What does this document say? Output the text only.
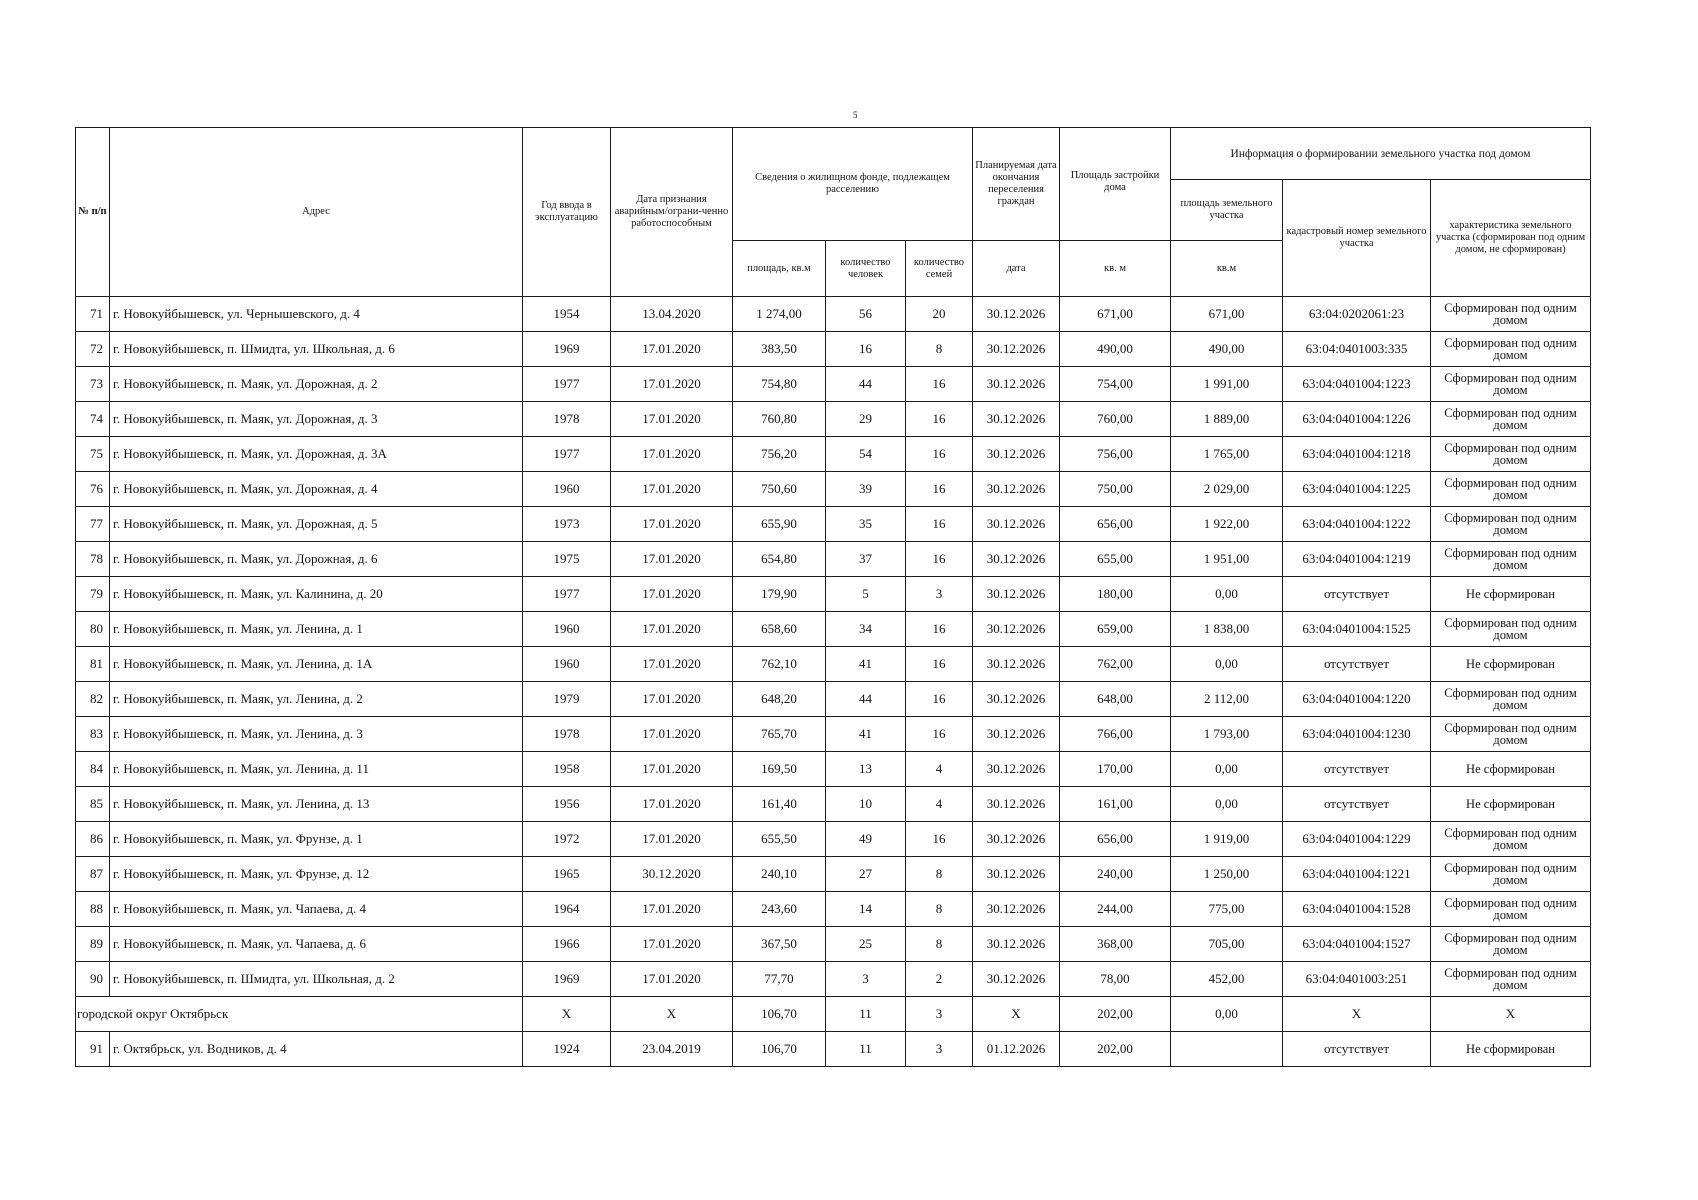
5
№ п/п	Адрес	Год ввода в эксплуатацию	Дата признания аварийным/ограни-ченно работоспособным	Сведения о жилищном фонде, подлежащем расселению			Планируемая дата окончания переселения граждан	Площадь застройки дома	Информация о формировании земельного участка под домом		
									площадь земельного участка	кадастровый номер земельного участка	характеристика земельного участка (сформирован под одним домом, не сформирован)
				площадь, кв.м	количество человек	количество семей	дата	кв. м	кв.м		
71	г. Новокуйбышевск, ул. Чернышевского, д. 4	1954	13.04.2020	1 274,00	56	20	30.12.2026	671,00	671,00	63:04:0202061:23	Сформирован под одним домом
72	г. Новокуйбышевск, п. Шмидта, ул. Школьная, д. 6	1969	17.01.2020	383,50	16	8	30.12.2026	490,00	490,00	63:04:0401003:335	Сформирован под одним домом
73	г. Новокуйбышевск, п. Маяк, ул. Дорожная, д. 2	1977	17.01.2020	754,80	44	16	30.12.2026	754,00	1 991,00	63:04:0401004:1223	Сформирован под одним домом
74	г. Новокуйбышевск, п. Маяк, ул. Дорожная, д. 3	1978	17.01.2020	760,80	29	16	30.12.2026	760,00	1 889,00	63:04:0401004:1226	Сформирован под одним домом
75	г. Новокуйбышевск, п. Маяк, ул. Дорожная, д. 3А	1977	17.01.2020	756,20	54	16	30.12.2026	756,00	1 765,00	63:04:0401004:1218	Сформирован под одним домом
76	г. Новокуйбышевск, п. Маяк, ул. Дорожная, д. 4	1960	17.01.2020	750,60	39	16	30.12.2026	750,00	2 029,00	63:04:0401004:1225	Сформирован под одним домом
77	г. Новокуйбышевск, п. Маяк, ул. Дорожная, д. 5	1973	17.01.2020	655,90	35	16	30.12.2026	656,00	1 922,00	63:04:0401004:1222	Сформирован под одним домом
78	г. Новокуйбышевск, п. Маяк, ул. Дорожная, д. 6	1975	17.01.2020	654,80	37	16	30.12.2026	655,00	1 951,00	63:04:0401004:1219	Сформирован под одним домом
79	г. Новокуйбышевск, п. Маяк, ул. Калинина, д. 20	1977	17.01.2020	179,90	5	3	30.12.2026	180,00	0,00	отсутствует	Не сформирован
80	г. Новокуйбышевск, п. Маяк, ул. Ленина, д. 1	1960	17.01.2020	658,60	34	16	30.12.2026	659,00	1 838,00	63:04:0401004:1525	Сформирован под одним домом
81	г. Новокуйбышевск, п. Маяк, ул. Ленина, д. 1А	1960	17.01.2020	762,10	41	16	30.12.2026	762,00	0,00	отсутствует	Не сформирован
82	г. Новокуйбышевск, п. Маяк, ул. Ленина, д. 2	1979	17.01.2020	648,20	44	16	30.12.2026	648,00	2 112,00	63:04:0401004:1220	Сформирован под одним домом
83	г. Новокуйбышевск, п. Маяк, ул. Ленина, д. 3	1978	17.01.2020	765,70	41	16	30.12.2026	766,00	1 793,00	63:04:0401004:1230	Сформирован под одним домом
84	г. Новокуйбышевск, п. Маяк, ул. Ленина, д. 11	1958	17.01.2020	169,50	13	4	30.12.2026	170,00	0,00	отсутствует	Не сформирован
85	г. Новокуйбышевск, п. Маяк, ул. Ленина, д. 13	1956	17.01.2020	161,40	10	4	30.12.2026	161,00	0,00	отсутствует	Не сформирован
86	г. Новокуйбышевск, п. Маяк, ул. Фрунзе, д. 1	1972	17.01.2020	655,50	49	16	30.12.2026	656,00	1 919,00	63:04:0401004:1229	Сформирован под одним домом
87	г. Новокуйбышевск, п. Маяк, ул. Фрунзе, д. 12	1965	30.12.2020	240,10	27	8	30.12.2026	240,00	1 250,00	63:04:0401004:1221	Сформирован под одним домом
88	г. Новокуйбышевск, п. Маяк, ул. Чапаева, д. 4	1964	17.01.2020	243,60	14	8	30.12.2026	244,00	775,00	63:04:0401004:1528	Сформирован под одним домом
89	г. Новокуйбышевск, п. Маяк, ул. Чапаева, д. 6	1966	17.01.2020	367,50	25	8	30.12.2026	368,00	705,00	63:04:0401004:1527	Сформирован под одним домом
90	г. Новокуйбышевск, п. Шмидта, ул. Школьная, д. 2	1969	17.01.2020	77,70	3	2	30.12.2026	78,00	452,00	63:04:0401003:251	Сформирован под одним домом
городской округ Октябрьск		X	X	106,70	11	3	X	202,00	0,00	X	X
91	г. Октябрьск, ул. Водников, д. 4	1924	23.04.2019	106,70	11	3	01.12.2026	202,00		отсутствует	Не сформирован
